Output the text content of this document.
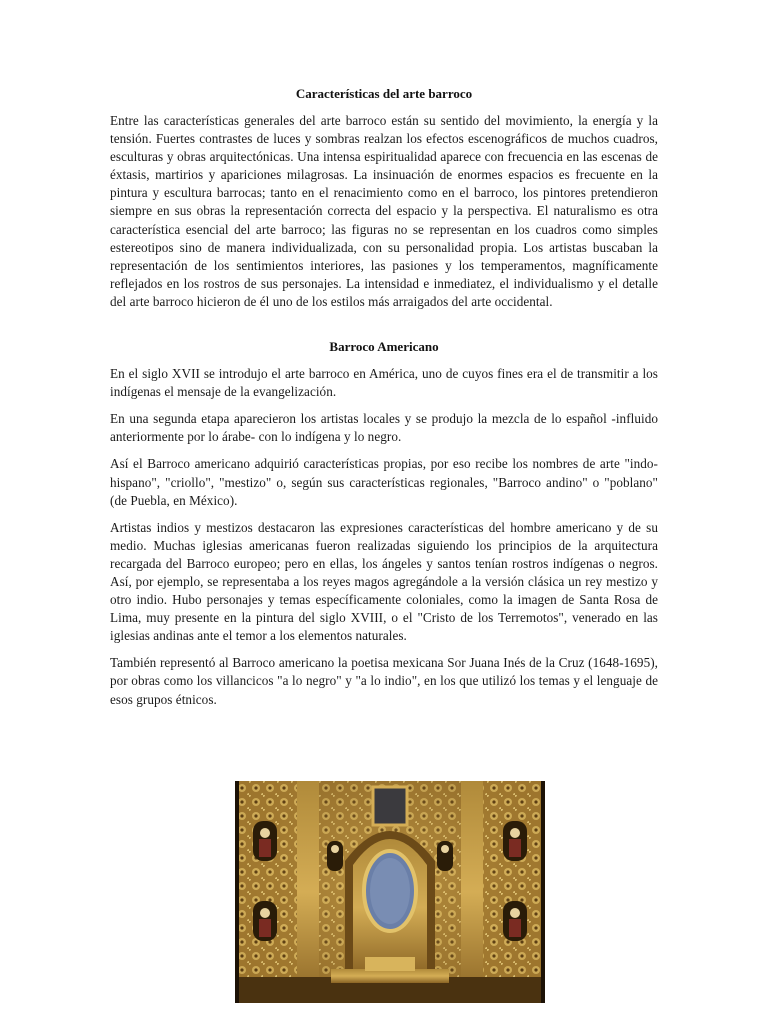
Características del arte barroco

Entre las características generales del arte barroco están su sentido del movimiento, la energía y la tensión. Fuertes contrastes de luces y sombras realzan los efectos escenográficos de muchos cuadros, esculturas y obras arquitectónicas. Una intensa espiritualidad aparece con frecuencia en las escenas de éxtasis, martirios y apariciones milagrosas. La insinuación de enormes espacios es frecuente en la pintura y escultura barrocas; tanto en el renacimiento como en el barroco, los pintores pretendieron siempre en sus obras la representación correcta del espacio y la perspectiva. El naturalismo es otra característica esencial del arte barroco; las figuras no se representan en los cuadros como simples estereotipos sino de manera individualizada, con su personalidad propia. Los artistas buscaban la representación de los sentimientos interiores, las pasiones y los temperamentos, magníficamente reflejados en los rostros de sus personajes. La intensidad e inmediatez, el individualismo y el detalle del arte barroco hicieron de él uno de los estilos más arraigados del arte occidental.

Barroco Americano

En el siglo XVII se introdujo el arte barroco en América, uno de cuyos fines era el de transmitir a los indígenas el mensaje de la evangelización.

En una segunda etapa aparecieron los artistas locales y se produjo la mezcla de lo español -influido anteriormente por lo árabe- con lo indígena y lo negro.

Así el Barroco americano adquirió características propias, por eso recibe los nombres de arte "indo-hispano", "criollo", "mestizo" o, según sus características regionales, "Barroco andino" o "poblano" (de Puebla, en México).

Artistas indios y mestizos destacaron las expresiones características del hombre americano y de su medio. Muchas iglesias americanas fueron realizadas siguiendo los principios de la arquitectura recargada del Barroco europeo; pero en ellas, los ángeles y santos tenían rostros indígenas o negros. Así, por ejemplo, se representaba a los reyes magos agregándole a la versión clásica un rey mestizo y otro indio. Hubo personajes y temas específicamente coloniales, como la imagen de Santa Rosa de Lima, muy presente en la pintura del siglo XVIII, o el "Cristo de los Terremotos", venerado en las iglesias andinas ante el temor a los elementos naturales.

También representó al Barroco americano la poetisa mexicana Sor Juana Inés de la Cruz (1648-1695), por obras como los villancicos "a lo negro" y "a lo indio", en los que utilizó los temas y el lenguaje de esos grupos étnicos.
